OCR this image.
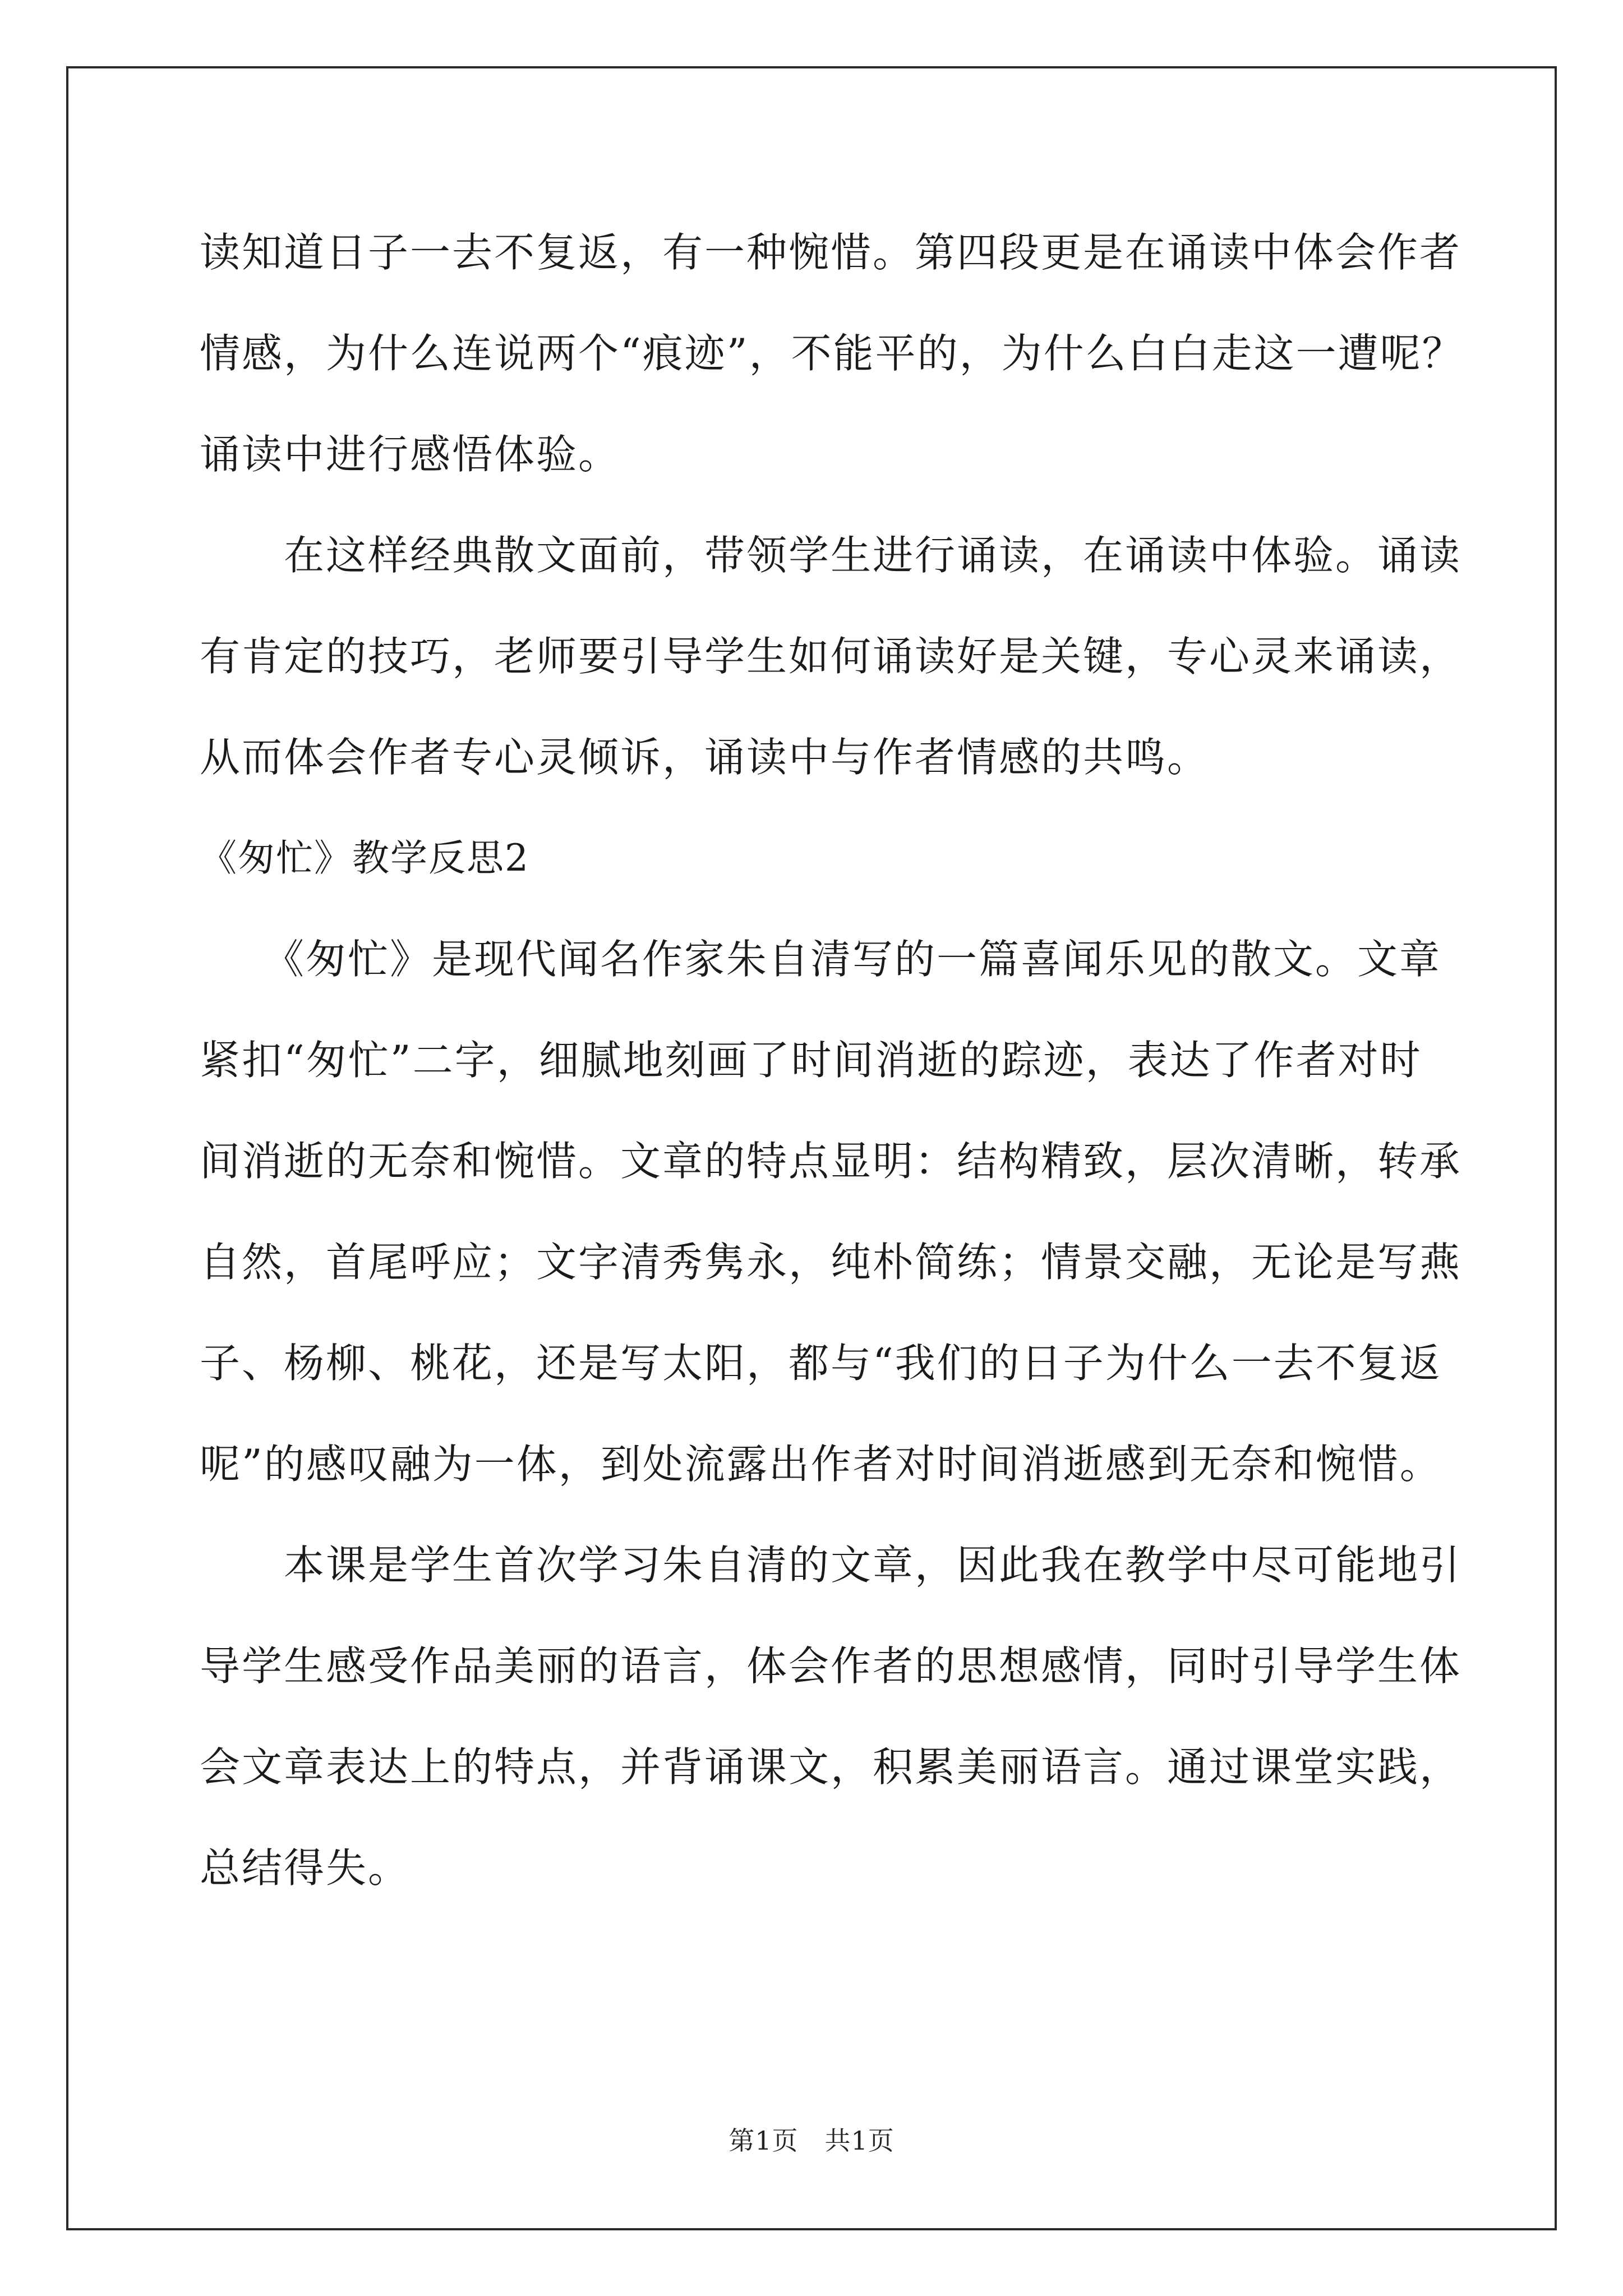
读知道日子一去不复返，有一种惋惜。第四段更是在诵读中体会作者
情感，为什么连说两个“痕迹”，不能平的，为什么白白走这一遭呢？
诵读中进行感悟体验。
　　在这样经典散文面前，带领学生进行诵读，在诵读中体验。诵读
有肯定的技巧，老师要引导学生如何诵读好是关键，专心灵来诵读，
从而体会作者专心灵倾诉，诵读中与作者情感的共鸣。
《匆忙》教学反思2
　　《匆忙》是现代闻名作家朱自清写的一篇喜闻乐见的散文。文章
紧扣“匆忙”二字，细腻地刻画了时间消逝的踪迹，表达了作者对时
间消逝的无奈和惋惜。文章的特点显明：结构精致，层次清晰，转承
自然，首尾呼应；文字清秀隽永，纯朴简练；情景交融，无论是写燕
子、杨柳、桃花，还是写太阳，都与“我们的日子为什么一去不复返
呢”的感叹融为一体，到处流露出作者对时间消逝感到无奈和惋惜。
　　本课是学生首次学习朱自清的文章，因此我在教学中尽可能地引
导学生感受作品美丽的语言，体会作者的思想感情，同时引导学生体
会文章表达上的特点，并背诵课文，积累美丽语言。通过课堂实践，
总结得失。
第1页　共1页
